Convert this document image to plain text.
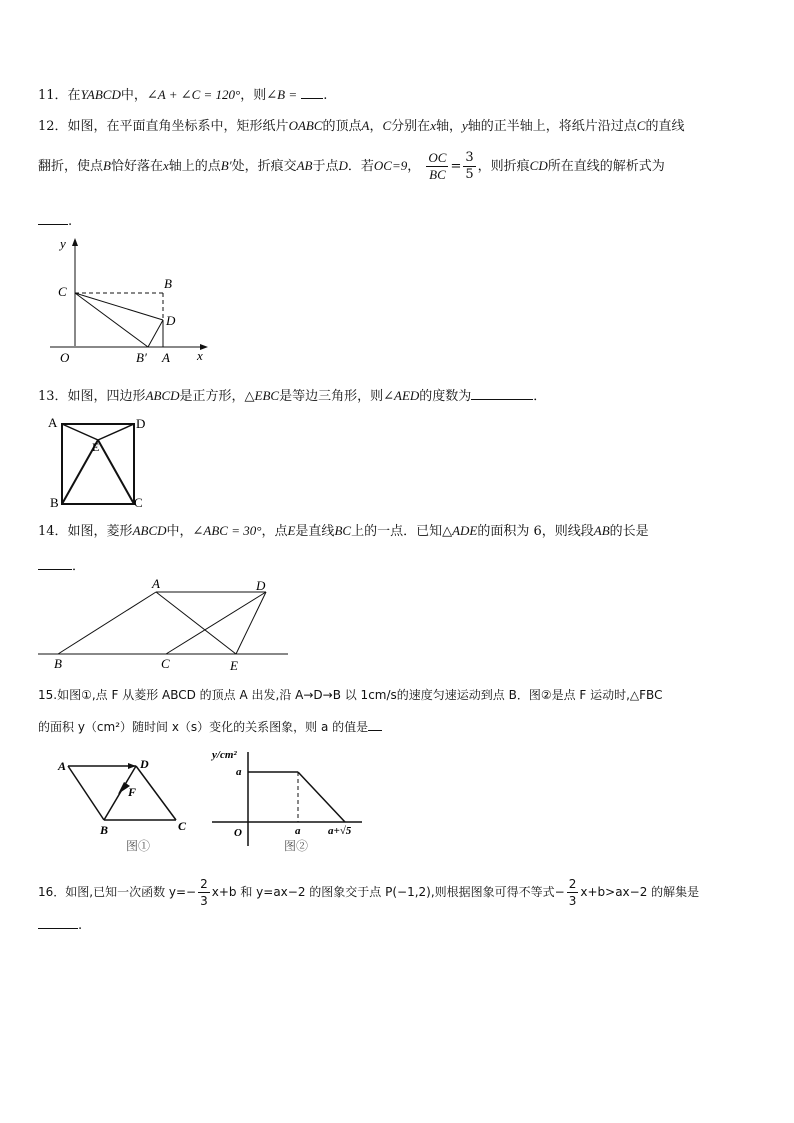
11．在YABCD中，∠A + ∠C = 120°，则∠B = .
12．如图，在平面直角坐标系中，矩形纸片OABC的顶点A，C分别在x轴，y轴的正半轴上，将纸片沿过点C的直线
翻折，使点B恰好落在x轴上的点B′处，折痕交AB于点D．若OC=9， $\frac{OC}{BC} = \frac{3}{5}$ ，则折痕CD所在直线的解析式为
.
y
C
B
D
O	B′ A x
13．如图，四边形ABCD是正方形，△EBC是等边三角形，则∠AED的度数为	．
A	D
E
B	C
14．如图，菱形ABCD中，∠ABC = 30°，点E是直线BC上的一点．已知△ADE的面积为 6，则线段AB的长是
．
A	D
B	C	E
15.如图①,点 F 从菱形 ABCD 的顶点 A 出发,沿 A→D→B 以 1cm/s的速度匀速运动到点 B．图②是点 F 运动时,△FBC
的面积 y（cm²）随时间 x（s）变化的关系图象，则 a 的值是
A	D
F
B	C
图①
y/cm²
a
O	a	a+√5
图②
16．如图,已知一次函数 $y=- \frac{2}{3} x+b$ 和 y=ax−2 的图象交于点 P(−1,2),则根据图象可得不等式− $\frac{2}{3} x+b>ax-2$ 的解集是
.
